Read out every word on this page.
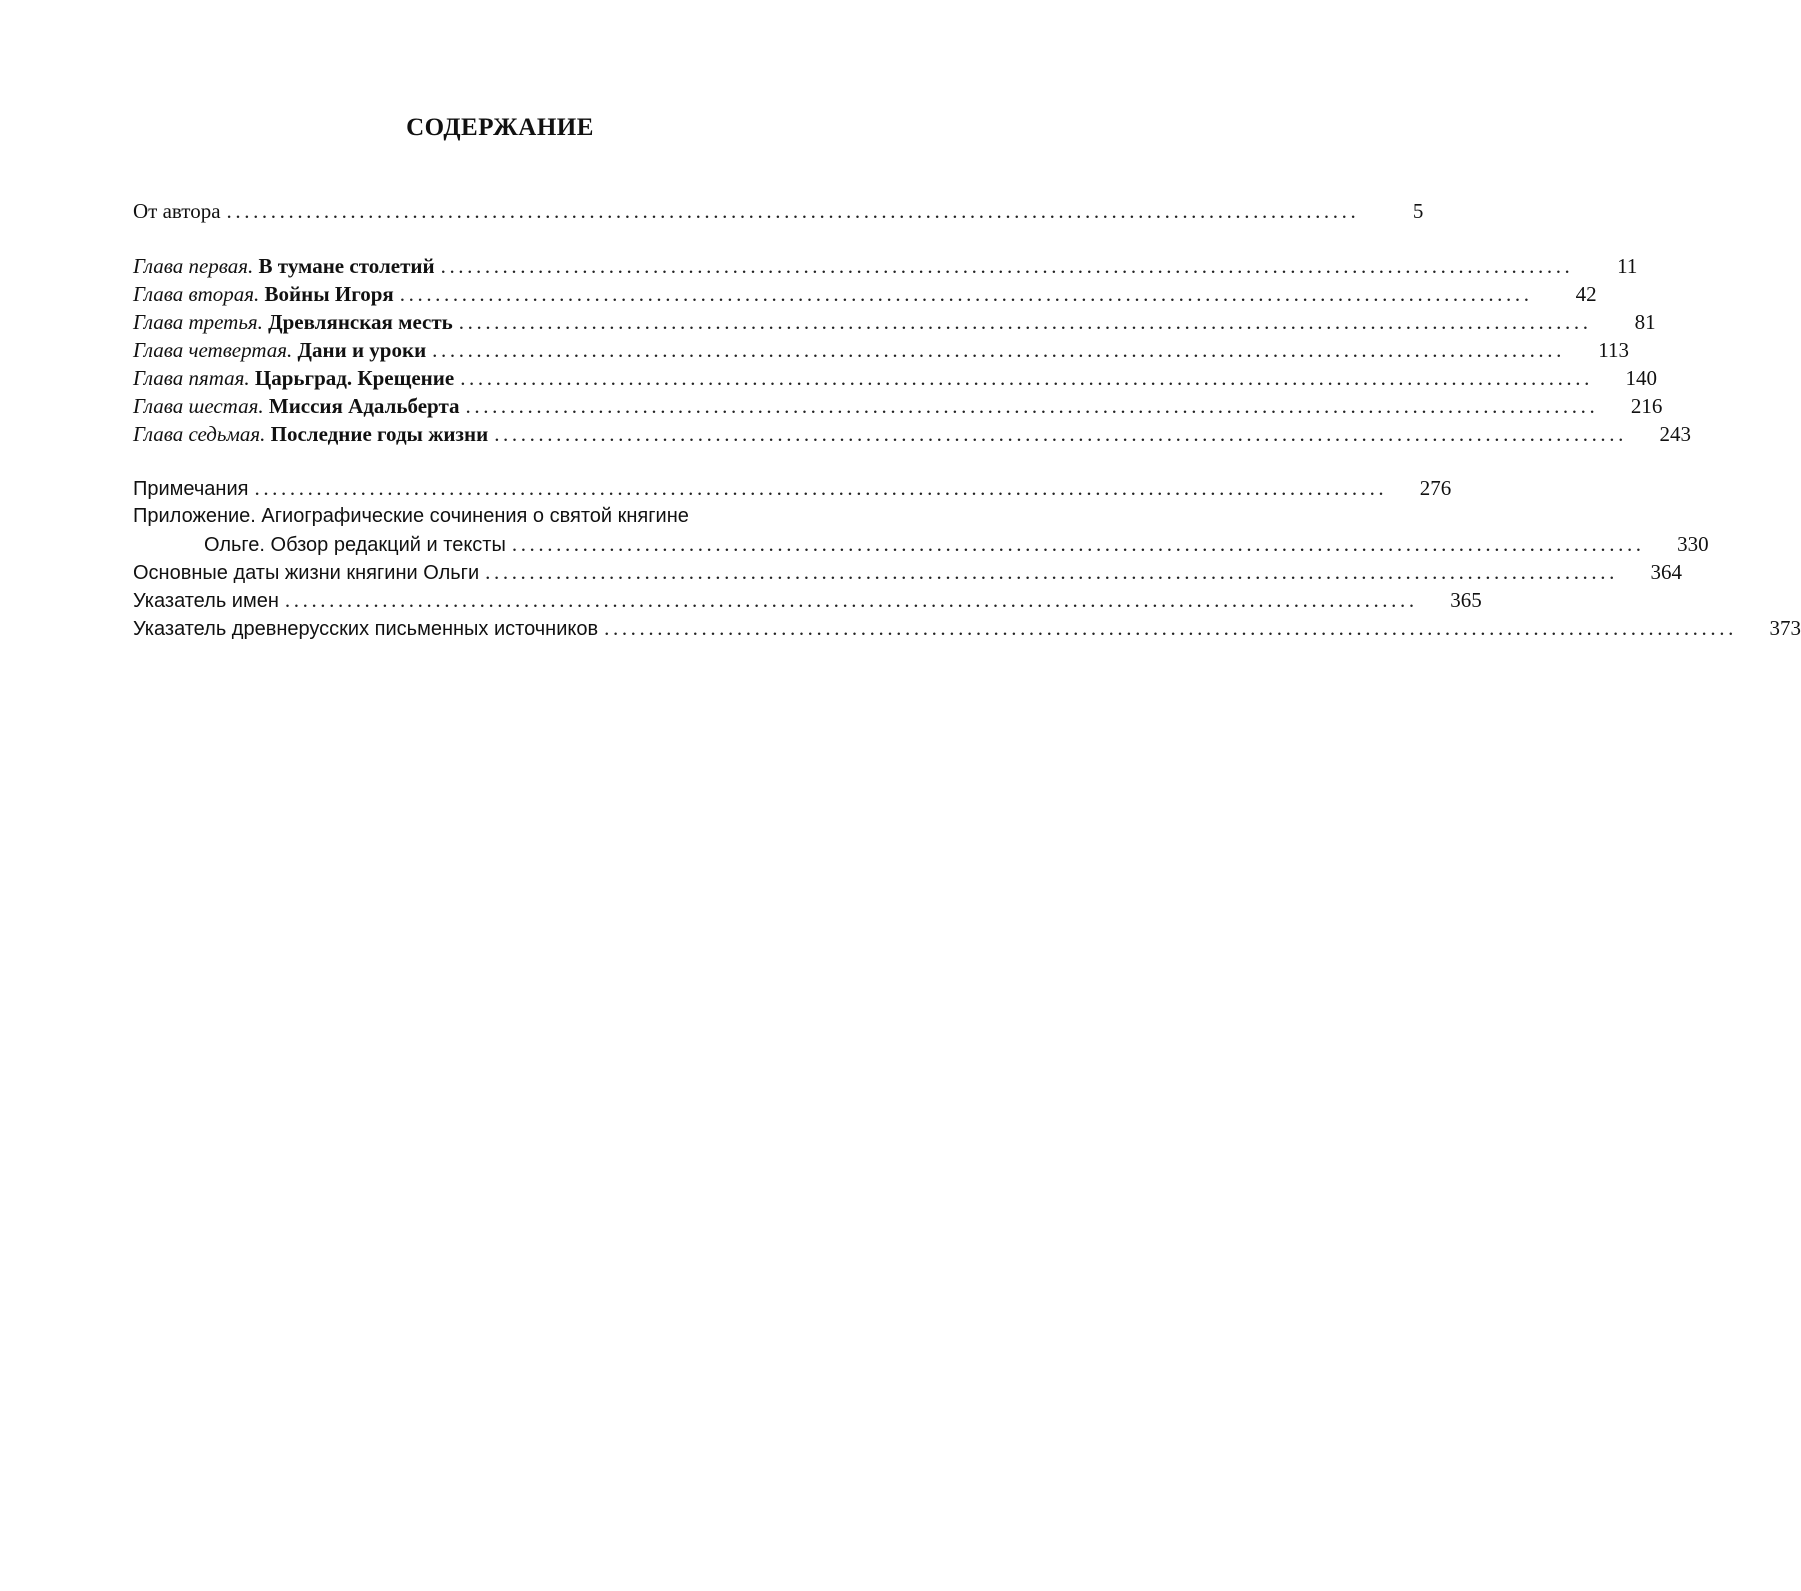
СОДЕРЖАНИЕ
От автора ................................................................................................................................	5
Глава первая. В тумане столетий ................................................................................................................................	11
Глава вторая. Войны Игоря ................................................................................................................................	42
Глава третья. Древлянская месть ................................................................................................................................	81
Глава четвертая. Дани и уроки ................................................................................................................................	113
Глава пятая. Царьград. Крещение ................................................................................................................................	140
Глава шестая. Миссия Адальберта ................................................................................................................................	216
Глава седьмая. Последние годы жизни ................................................................................................................................	243
Примечания ................................................................................................................................	276
Приложение. Агиографические сочинения о святой княгине
Ольге. Обзор редакций и тексты ................................................................................................................................	330
Основные даты жизни княгини Ольги ................................................................................................................................	364
Указатель имен ................................................................................................................................	365
Указатель древнерусских письменных источников ................................................................................................................................	373
